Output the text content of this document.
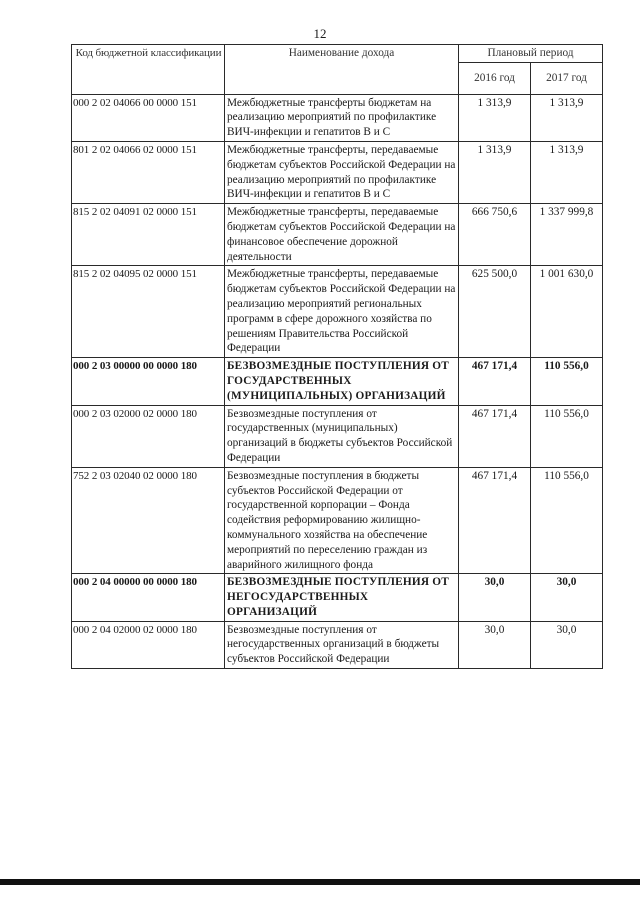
12
Код бюджетной классификации	Наименование дохода	Плановый период	
		2016 год	2017 год
000 2 02 04066 00 0000 151	Межбюджетные трансферты бюджетам на реализацию мероприятий по профилактике ВИЧ-инфекции и гепатитов В и С	1 313,9	1 313,9
801 2 02 04066 02 0000 151	Межбюджетные трансферты, передаваемые бюджетам субъектов Российской Федерации на реализацию мероприятий по профилактике ВИЧ-инфекции и гепатитов В и С	1 313,9	1 313,9
815 2 02 04091 02 0000 151	Межбюджетные трансферты, передаваемые бюджетам субъектов Российской Федерации на финансовое обеспечение дорожной деятельности	666 750,6	1 337 999,8
815 2 02 04095 02 0000 151	Межбюджетные трансферты, передаваемые бюджетам субъектов Российской Федерации на реализацию мероприятий региональных программ в сфере дорожного хозяйства по решениям Правительства Российской Федерации	625 500,0	1 001 630,0
000 2 03 00000 00 0000 180	БЕЗВОЗМЕЗДНЫЕ ПОСТУПЛЕНИЯ ОТ ГОСУДАРСТВЕННЫХ (МУНИЦИПАЛЬНЫХ) ОРГАНИЗАЦИЙ	467 171,4	110 556,0
000 2 03 02000 02 0000 180	Безвозмездные поступления от государственных (муниципальных) организаций в бюджеты субъектов Российской Федерации	467 171,4	110 556,0
752 2 03 02040 02 0000 180	Безвозмездные поступления в бюджеты субъектов Российской Федерации от государственной корпорации – Фонда содействия реформированию жилищно-коммунального хозяйства на обеспечение мероприятий по переселению граждан из аварийного жилищного фонда	467 171,4	110 556,0
000 2 04 00000 00 0000 180	БЕЗВОЗМЕЗДНЫЕ ПОСТУПЛЕНИЯ ОТ НЕГОСУДАРСТВЕННЫХ ОРГАНИЗАЦИЙ	30,0	30,0
000 2 04 02000 02 0000 180	Безвозмездные поступления от негосударственных организаций в бюджеты субъектов Российской Федерации	30,0	30,0
